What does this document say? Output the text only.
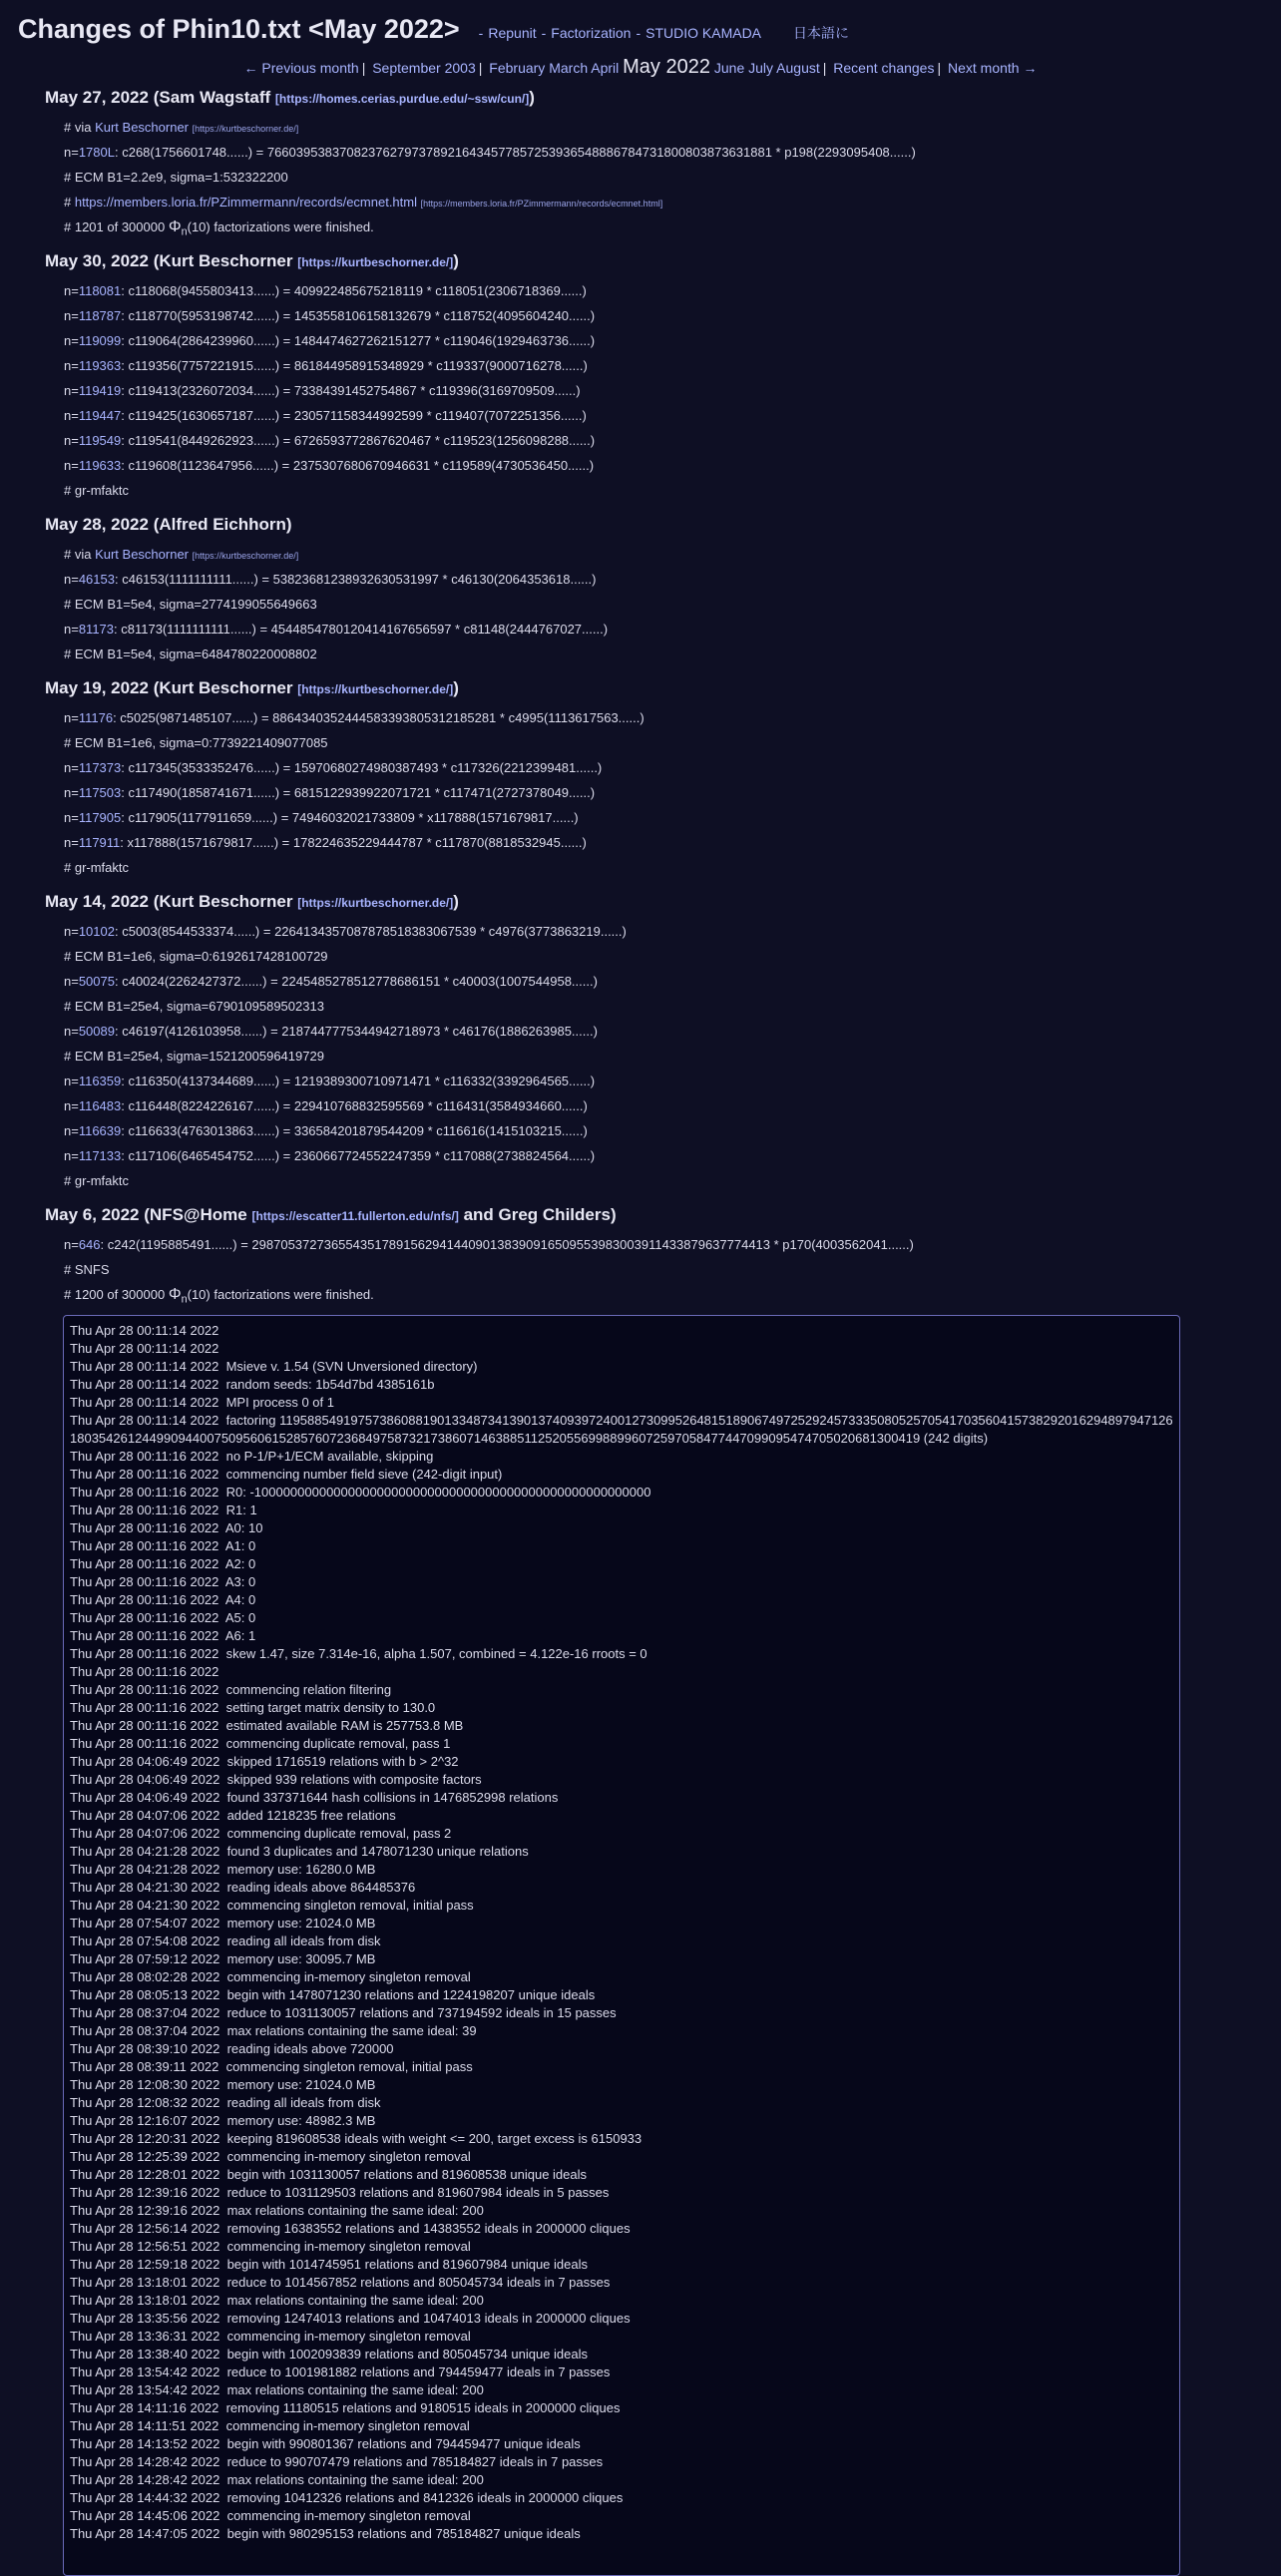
Changes of Phin10.txt <May 2022> - Repunit - Factorization - STUDIO KAMADA 日本語に
← Previous month | September 2003 | February March April May 2022 June July August | Recent changes | Next month →
May 27, 2022 (Sam Wagstaff [https://homes.cerias.purdue.edu/~ssw/cun/])
# via Kurt Beschorner [https://kurtbeschorner.de/]
n=1780L: c268(1756601748......) = 76603953837082376279737892164345778572539365488867847318008038736318​81 * p198(2293095408......)
# ECM B1=2.2e9, sigma=1:532322200
# https://members.loria.fr/PZimmermann/records/ecmnet.html [https://members.loria.fr/PZimmermann/records/ecmnet.html]
# 1201 of 300000 $\Phi_n(10)$ factorizations were finished.
May 30, 2022 (Kurt Beschorner [https://kurtbeschorner.de/])
n=118081: c118068(9455803413......) = 409922485675218119 * c118051(2306718369......)
n=118787: c118770(5953198742......) = 1453558106158132679 * c118752(4095604240......)
n=119099: c119064(2864239960......) = 1484474627262151277 * c119046(1929463736......)
n=119363: c119356(7757221915......) = 861844958915348929 * c119337(9000716278......)
n=119419: c119413(2326072034......) = 73384391452754867 * c119396(3169709509......)
n=119447: c119425(1630657187......) = 230571158344992599 * c119407(7072251356......)
n=119549: c119541(8449262923......) = 6726593772867620467 * c119523(1256098288......)
n=119633: c119608(1123647956......) = 2375307680670946631 * c119589(4730536450......)
# gr-mfaktc
May 28, 2022 (Alfred Eichhorn)
# via Kurt Beschorner [https://kurtbeschorner.de/]
n=46153: c46153(1111111111......) = 538236812389326305319​97 * c46130(2064353618......)
# ECM B1=5e4, sigma=2774199055649663
n=81173: c81173(1111111111......) = 454485478012041416765659​7 * c81148(2444767027......)
# ECM B1=5e4, sigma=6484780220008802
May 19, 2022 (Kurt Beschorner [https://kurtbeschorner.de/])
n=11176: c5025(9871485107......) = 886434035244458339380531​2185281 * c4995(1113617563......)
# ECM B1=1e6, sigma=0:7739221409077085
n=117373: c117345(3533352476......) = 1597068027498038749​3 * c117326(2212399481......)
n=117503: c117490(1858741671......) = 6815122939922071721 * c117471(2727378049......)
n=117905: c117905(1177911659......) = 7494603202173380​9 * x117888(1571679817......)
n=117911: x117888(1571679817......) = 178224635229444787 * c117870(8818532945......)
# gr-mfaktc
May 14, 2022 (Kurt Beschorner [https://kurtbeschorner.de/])
n=10102: c5003(8544533374......) = 2264134357087878518383067539 * c4976(3773863219......)
# ECM B1=1e6, sigma=0:6192617428100729
n=50075: c40024(2262427372......) = 2245485278512778686151 * c40003(1007544958......)
# ECM B1=25e4, sigma=6790109589502313
n=50089: c46197(4126103958......) = 2187447775344942718973 * c46176(1886263985......)
# ECM B1=25e4, sigma=1521200596419729
n=116359: c116350(4137344689......) = 1219389300710971471 * c116332(3392964565......)
n=116483: c116448(8224226167......) = 229410768832595569 * c116431(3584934660......)
n=116639: c116633(4763013863......) = 336584201879544209 * c116616(1415103215......)
n=117133: c117106(6465454752......) = 2360667724552247359 * c117088(2738824564......)
# gr-mfaktc
May 6, 2022 (NFS@Home [https://escatter11.fullerton.edu/nfs/] and Greg Childers)
n=646: c242(1195885491......) = 298705372736554351789156294144090138390916509553983003911433879637774413 * p170(4003562041......)
# SNFS
# 1200 of 300000 $\Phi_n(10)$ factorizations were finished.
Thu Apr 28 00:11:14 2022
Thu Apr 28 00:11:14 2022
Thu Apr 28 00:11:14 2022  Msieve v. 1.54 (SVN Unversioned directory)
Thu Apr 28 00:11:14 2022  random seeds: 1b54d7bd 4385161b
Thu Apr 28 00:11:14 2022  MPI process 0 of 1
Thu Apr 28 00:11:14 2022  factoring 1195885491975738608819013348734139013740939724001273099526481518906749725292457333508052570541703560415738292016294897947126180354261244990944007509560615285760723684975873217386071463885112520556998899607259705847744709909547470502068130041​9 (242 digits)
Thu Apr 28 00:11:16 2022  no P-1/P+1/ECM available, skipping
Thu Apr 28 00:11:16 2022  commencing number field sieve (242-digit input)
Thu Apr 28 00:11:16 2022  R0: -1000000000000000000000000000000000000000000000000000000
Thu Apr 28 00:11:16 2022  R1: 1
Thu Apr 28 00:11:16 2022  A0: 10
Thu Apr 28 00:11:16 2022  A1: 0
Thu Apr 28 00:11:16 2022  A2: 0
Thu Apr 28 00:11:16 2022  A3: 0
Thu Apr 28 00:11:16 2022  A4: 0
Thu Apr 28 00:11:16 2022  A5: 0
Thu Apr 28 00:11:16 2022  A6: 1
Thu Apr 28 00:11:16 2022  skew 1.47, size 7.314e-16, alpha 1.507, combined = 4.122e-16 rroots = 0
Thu Apr 28 00:11:16 2022
Thu Apr 28 00:11:16 2022  commencing relation filtering
Thu Apr 28 00:11:16 2022  setting target matrix density to 130.0
Thu Apr 28 00:11:16 2022  estimated available RAM is 257753.8 MB
Thu Apr 28 00:11:16 2022  commencing duplicate removal, pass 1
Thu Apr 28 04:06:49 2022  skipped 1716519 relations with b > 2^32
Thu Apr 28 04:06:49 2022  skipped 939 relations with composite factors
Thu Apr 28 04:06:49 2022  found 337371644 hash collisions in 1476852998 relations
Thu Apr 28 04:07:06 2022  added 1218235 free relations
Thu Apr 28 04:07:06 2022  commencing duplicate removal, pass 2
Thu Apr 28 04:21:28 2022  found 3 duplicates and 1478071230 unique relations
Thu Apr 28 04:21:28 2022  memory use: 16280.0 MB
Thu Apr 28 04:21:30 2022  reading ideals above 864485376
Thu Apr 28 04:21:30 2022  commencing singleton removal, initial pass
Thu Apr 28 07:54:07 2022  memory use: 21024.0 MB
Thu Apr 28 07:54:08 2022  reading all ideals from disk
Thu Apr 28 07:59:12 2022  memory use: 30095.7 MB
Thu Apr 28 08:02:28 2022  commencing in-memory singleton removal
Thu Apr 28 08:05:13 2022  begin with 1478071230 relations and 1224198207 unique ideals
Thu Apr 28 08:37:04 2022  reduce to 1031130057 relations and 737194592 ideals in 15 passes
Thu Apr 28 08:37:04 2022  max relations containing the same ideal: 39
Thu Apr 28 08:39:10 2022  reading ideals above 720000
Thu Apr 28 08:39:11 2022  commencing singleton removal, initial pass
Thu Apr 28 12:08:30 2022  memory use: 21024.0 MB
Thu Apr 28 12:08:32 2022  reading all ideals from disk
Thu Apr 28 12:16:07 2022  memory use: 48982.3 MB
Thu Apr 28 12:20:31 2022  keeping 819608538 ideals with weight <= 200, target excess is 6150933
Thu Apr 28 12:25:39 2022  commencing in-memory singleton removal
Thu Apr 28 12:28:01 2022  begin with 1031130057 relations and 819608538 unique ideals
Thu Apr 28 12:39:16 2022  reduce to 1031129503 relations and 819607984 ideals in 5 passes
Thu Apr 28 12:39:16 2022  max relations containing the same ideal: 200
Thu Apr 28 12:56:14 2022  removing 16383552 relations and 14383552 ideals in 2000000 cliques
Thu Apr 28 12:56:51 2022  commencing in-memory singleton removal
Thu Apr 28 12:59:18 2022  begin with 1014745951 relations and 819607984 unique ideals
Thu Apr 28 13:18:01 2022  reduce to 1014567852 relations and 805045734 ideals in 7 passes
Thu Apr 28 13:18:01 2022  max relations containing the same ideal: 200
Thu Apr 28 13:35:56 2022  removing 12474013 relations and 10474013 ideals in 2000000 cliques
Thu Apr 28 13:36:31 2022  commencing in-memory singleton removal
Thu Apr 28 13:38:40 2022  begin with 1002093839 relations and 805045734 unique ideals
Thu Apr 28 13:54:42 2022  reduce to 1001981882 relations and 794459477 ideals in 7 passes
Thu Apr 28 13:54:42 2022  max relations containing the same ideal: 200
Thu Apr 28 14:11:16 2022  removing 11180515 relations and 9180515 ideals in 2000000 cliques
Thu Apr 28 14:11:51 2022  commencing in-memory singleton removal
Thu Apr 28 14:13:52 2022  begin with 990801367 relations and 794459477 unique ideals
Thu Apr 28 14:28:42 2022  reduce to 990707479 relations and 785184827 ideals in 7 passes
Thu Apr 28 14:28:42 2022  max relations containing the same ideal: 200
Thu Apr 28 14:44:32 2022  removing 10412326 relations and 8412326 ideals in 2000000 cliques
Thu Apr 28 14:45:06 2022  commencing in-memory singleton removal
Thu Apr 28 14:47:05 2022  begin with 980295153 relations and 785184827 unique ideals
